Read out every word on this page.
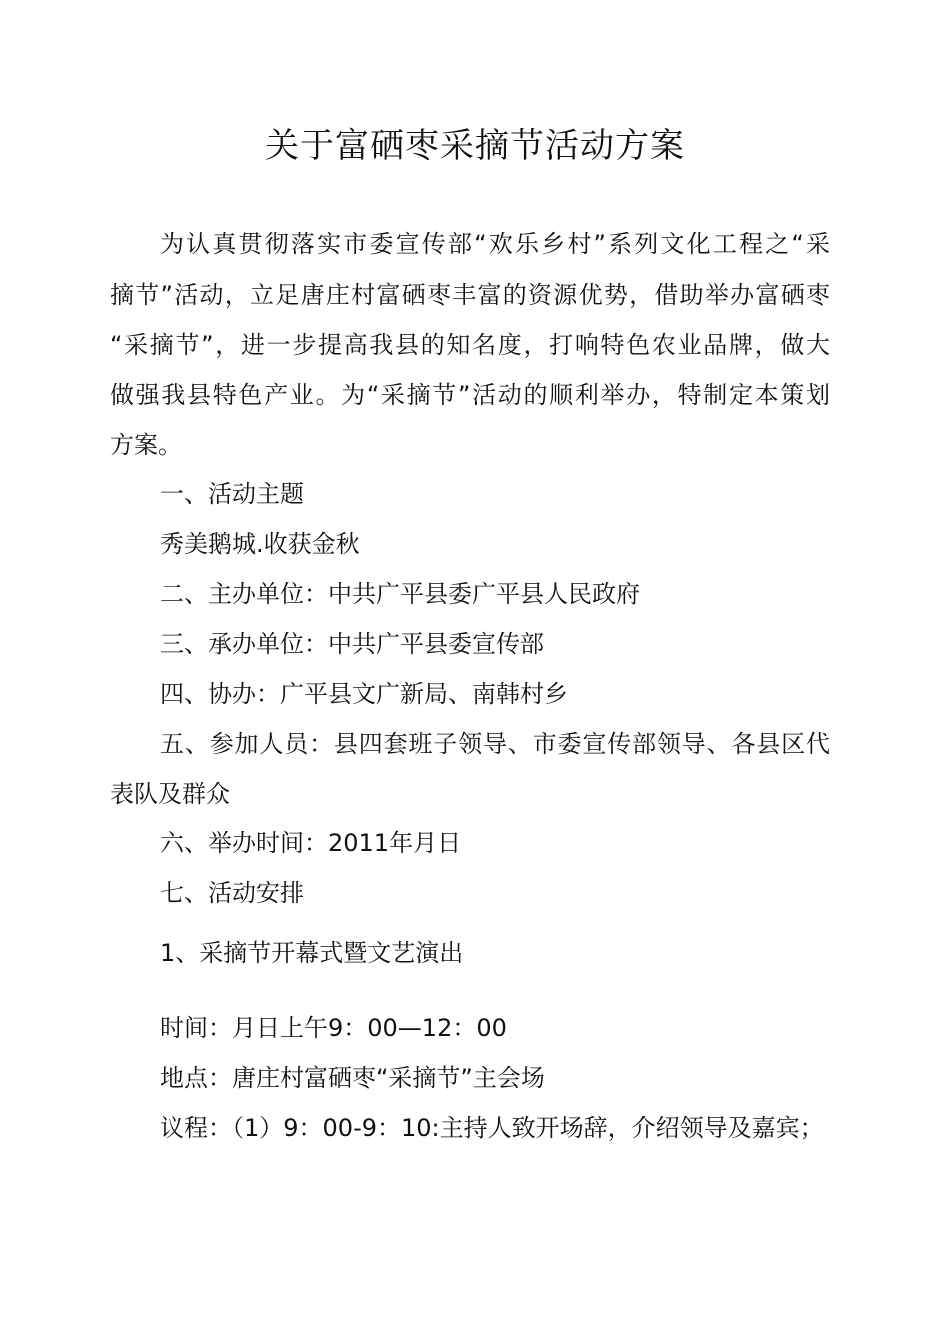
关于富硒枣采摘节活动方案
为认真贯彻落实市委宣传部“欢乐乡村”系列文化工程之“采
摘节”活动，立足唐庄村富硒枣丰富的资源优势，借助举办富硒枣
“采摘节”，进一步提高我县的知名度，打响特色农业品牌，做大
做强我县特色产业。为“采摘节”活动的顺利举办，特制定本策划
方案。
一、活动主题
秀美鹅城.收获金秋
二、主办单位：中共广平县委广平县人民政府
三、承办单位：中共广平县委宣传部
四、协办：广平县文广新局、南韩村乡
五、参加人员：县四套班子领导、市委宣传部领导、各县区代
表队及群众
六、举办时间：2011年月日
七、活动安排
1、采摘节开幕式暨文艺演出
时间：月日上午9：00—12：00
地点：唐庄村富硒枣“采摘节”主会场
议程：（1）9：00-9：10:主持人致开场辞，介绍领导及嘉宾；
